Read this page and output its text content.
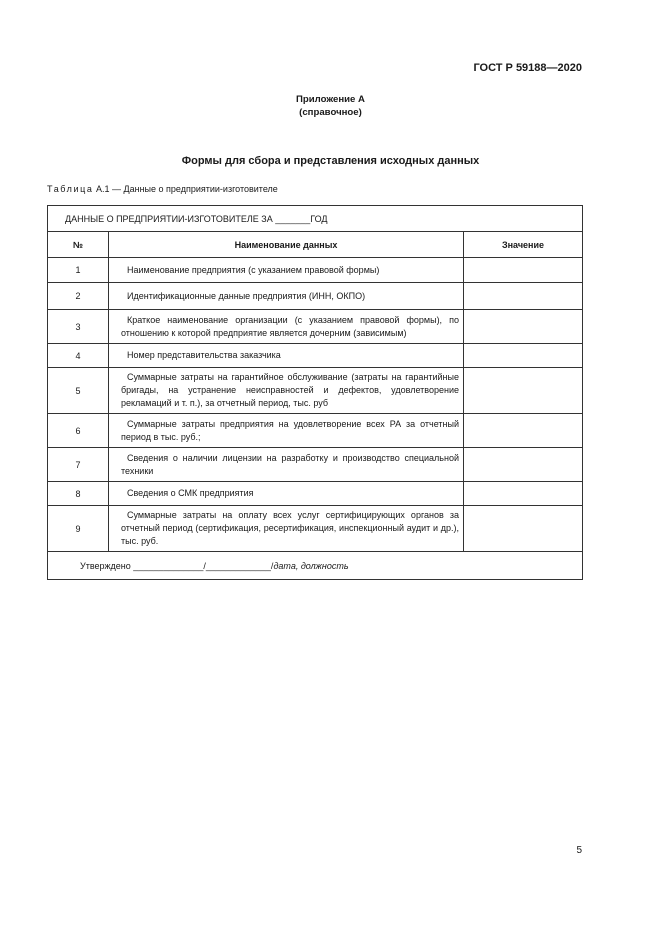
ГОСТ Р 59188—2020
Приложение А
(справочное)
Формы для сбора и представления исходных данных
Таблица А.1 — Данные о предприятии-изготовителе
ДАННЫЕ О ПРЕДПРИЯТИИ-ИЗГОТОВИТЕЛЕ ЗА _______ГОД		
№	Наименование данных	Значение
1	Наименование предприятия (с указанием правовой формы)	
2	Идентификационные данные предприятия (ИНН, ОКПО)	
3	Краткое наименование организации (с указанием правовой формы), по отношению к которой предприятие является дочерним (зависимым)	
4	Номер представительства заказчика	
5	Суммарные затраты на гарантийное обслуживание (затраты на гарантийные бригады, на устранение неисправностей и дефектов, удовлетворение рекламаций и т. п.), за отчетный период, тыс. руб	
6	Суммарные затраты предприятия на удовлетворение всех РА за отчетный период в тыс. руб.;	
7	Сведения о наличии лицензии на разработку и производство специальной техники	
8	Сведения о СМК предприятия	
9	Суммарные затраты на оплату всех услуг сертифицирующих органов за отчетный период (сертификация, ресертификация, инспекционный аудит и др.), тыс. руб.	
Утверждено ______________/_____________/дата, должность		
5
